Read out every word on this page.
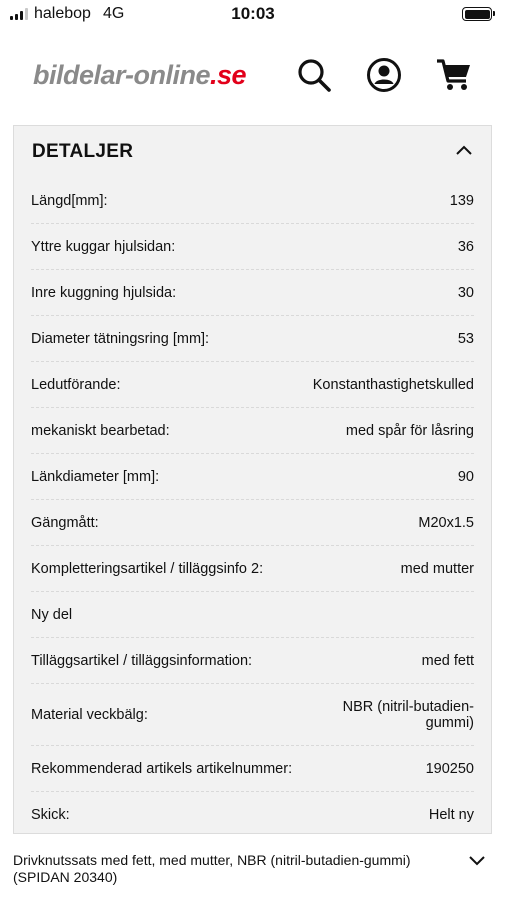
halebop 4G	10:03
bildelar-online.se
DETALJER
Längd[mm]:	139
Yttre kuggar hjulsidan:	36
Inre kuggning hjulsida:	30
Diameter tätningsring [mm]:	53
Ledutförande:	Konstanthastighetskulled
mekaniskt bearbetad:	med spår för låsring
Länkdiameter [mm]:	90
Gängmått:	M20x1.5
Kompletteringsartikel / tilläggsinfo 2:	med mutter
Ny del
Tilläggsartikel / tilläggsinformation:	med fett
Material veckbälg:	NBR (nitril-butadien-gummi)
Rekommenderad artikels artikelnummer:	190250
Skick:	Helt ny
Drivknutssats med fett, med mutter, NBR (nitril-butadien-gummi) (SPIDAN 20340)
